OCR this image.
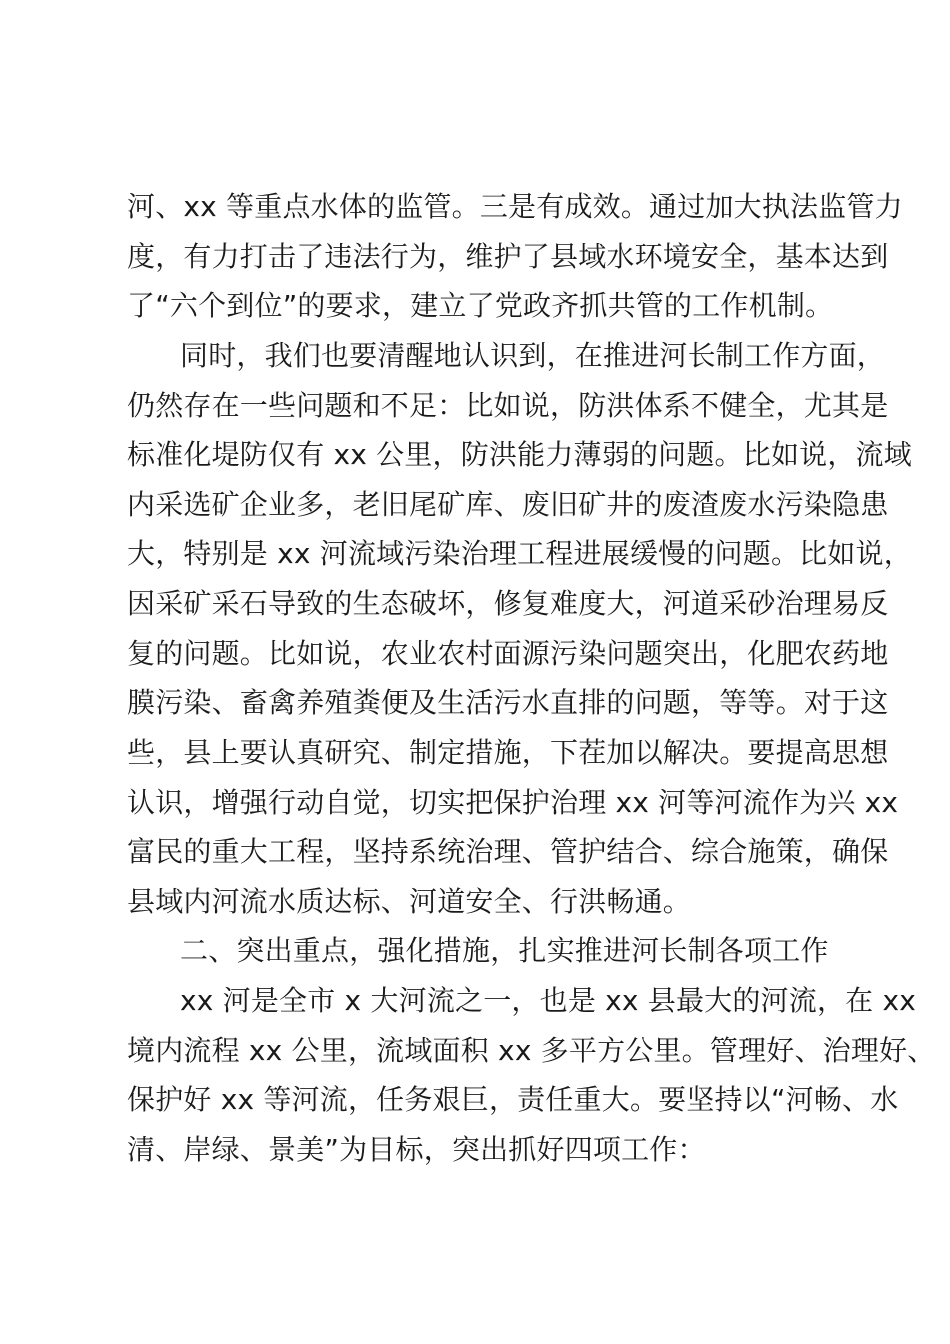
河、xx 等重点水体的监管。三是有成效。通过加大执法监管力
度，有力打击了违法行为，维护了县域水环境安全，基本达到
了“六个到位”的要求，建立了党政齐抓共管的工作机制。
同时，我们也要清醒地认识到，在推进河长制工作方面，
仍然存在一些问题和不足：比如说，防洪体系不健全，尤其是
标准化堤防仅有 xx 公里，防洪能力薄弱的问题。比如说，流域
内采选矿企业多，老旧尾矿库、废旧矿井的废渣废水污染隐患
大，特别是 xx 河流域污染治理工程进展缓慢的问题。比如说，
因采矿采石导致的生态破坏，修复难度大，河道采砂治理易反
复的问题。比如说，农业农村面源污染问题突出，化肥农药地
膜污染、畜禽养殖粪便及生活污水直排的问题，等等。对于这
些，县上要认真研究、制定措施，下茬加以解决。要提高思想
认识，增强行动自觉，切实把保护治理 xx 河等河流作为兴 xx
富民的重大工程，坚持系统治理、管护结合、综合施策，确保
县域内河流水质达标、河道安全、行洪畅通。
二、突出重点，强化措施，扎实推进河长制各项工作
xx 河是全市 x 大河流之一，也是 xx 县最大的河流，在 xx
境内流程 xx 公里，流域面积 xx 多平方公里。管理好、治理好、
保护好 xx 等河流，任务艰巨，责任重大。要坚持以“河畅、水
清、岸绿、景美”为目标，突出抓好四项工作：
